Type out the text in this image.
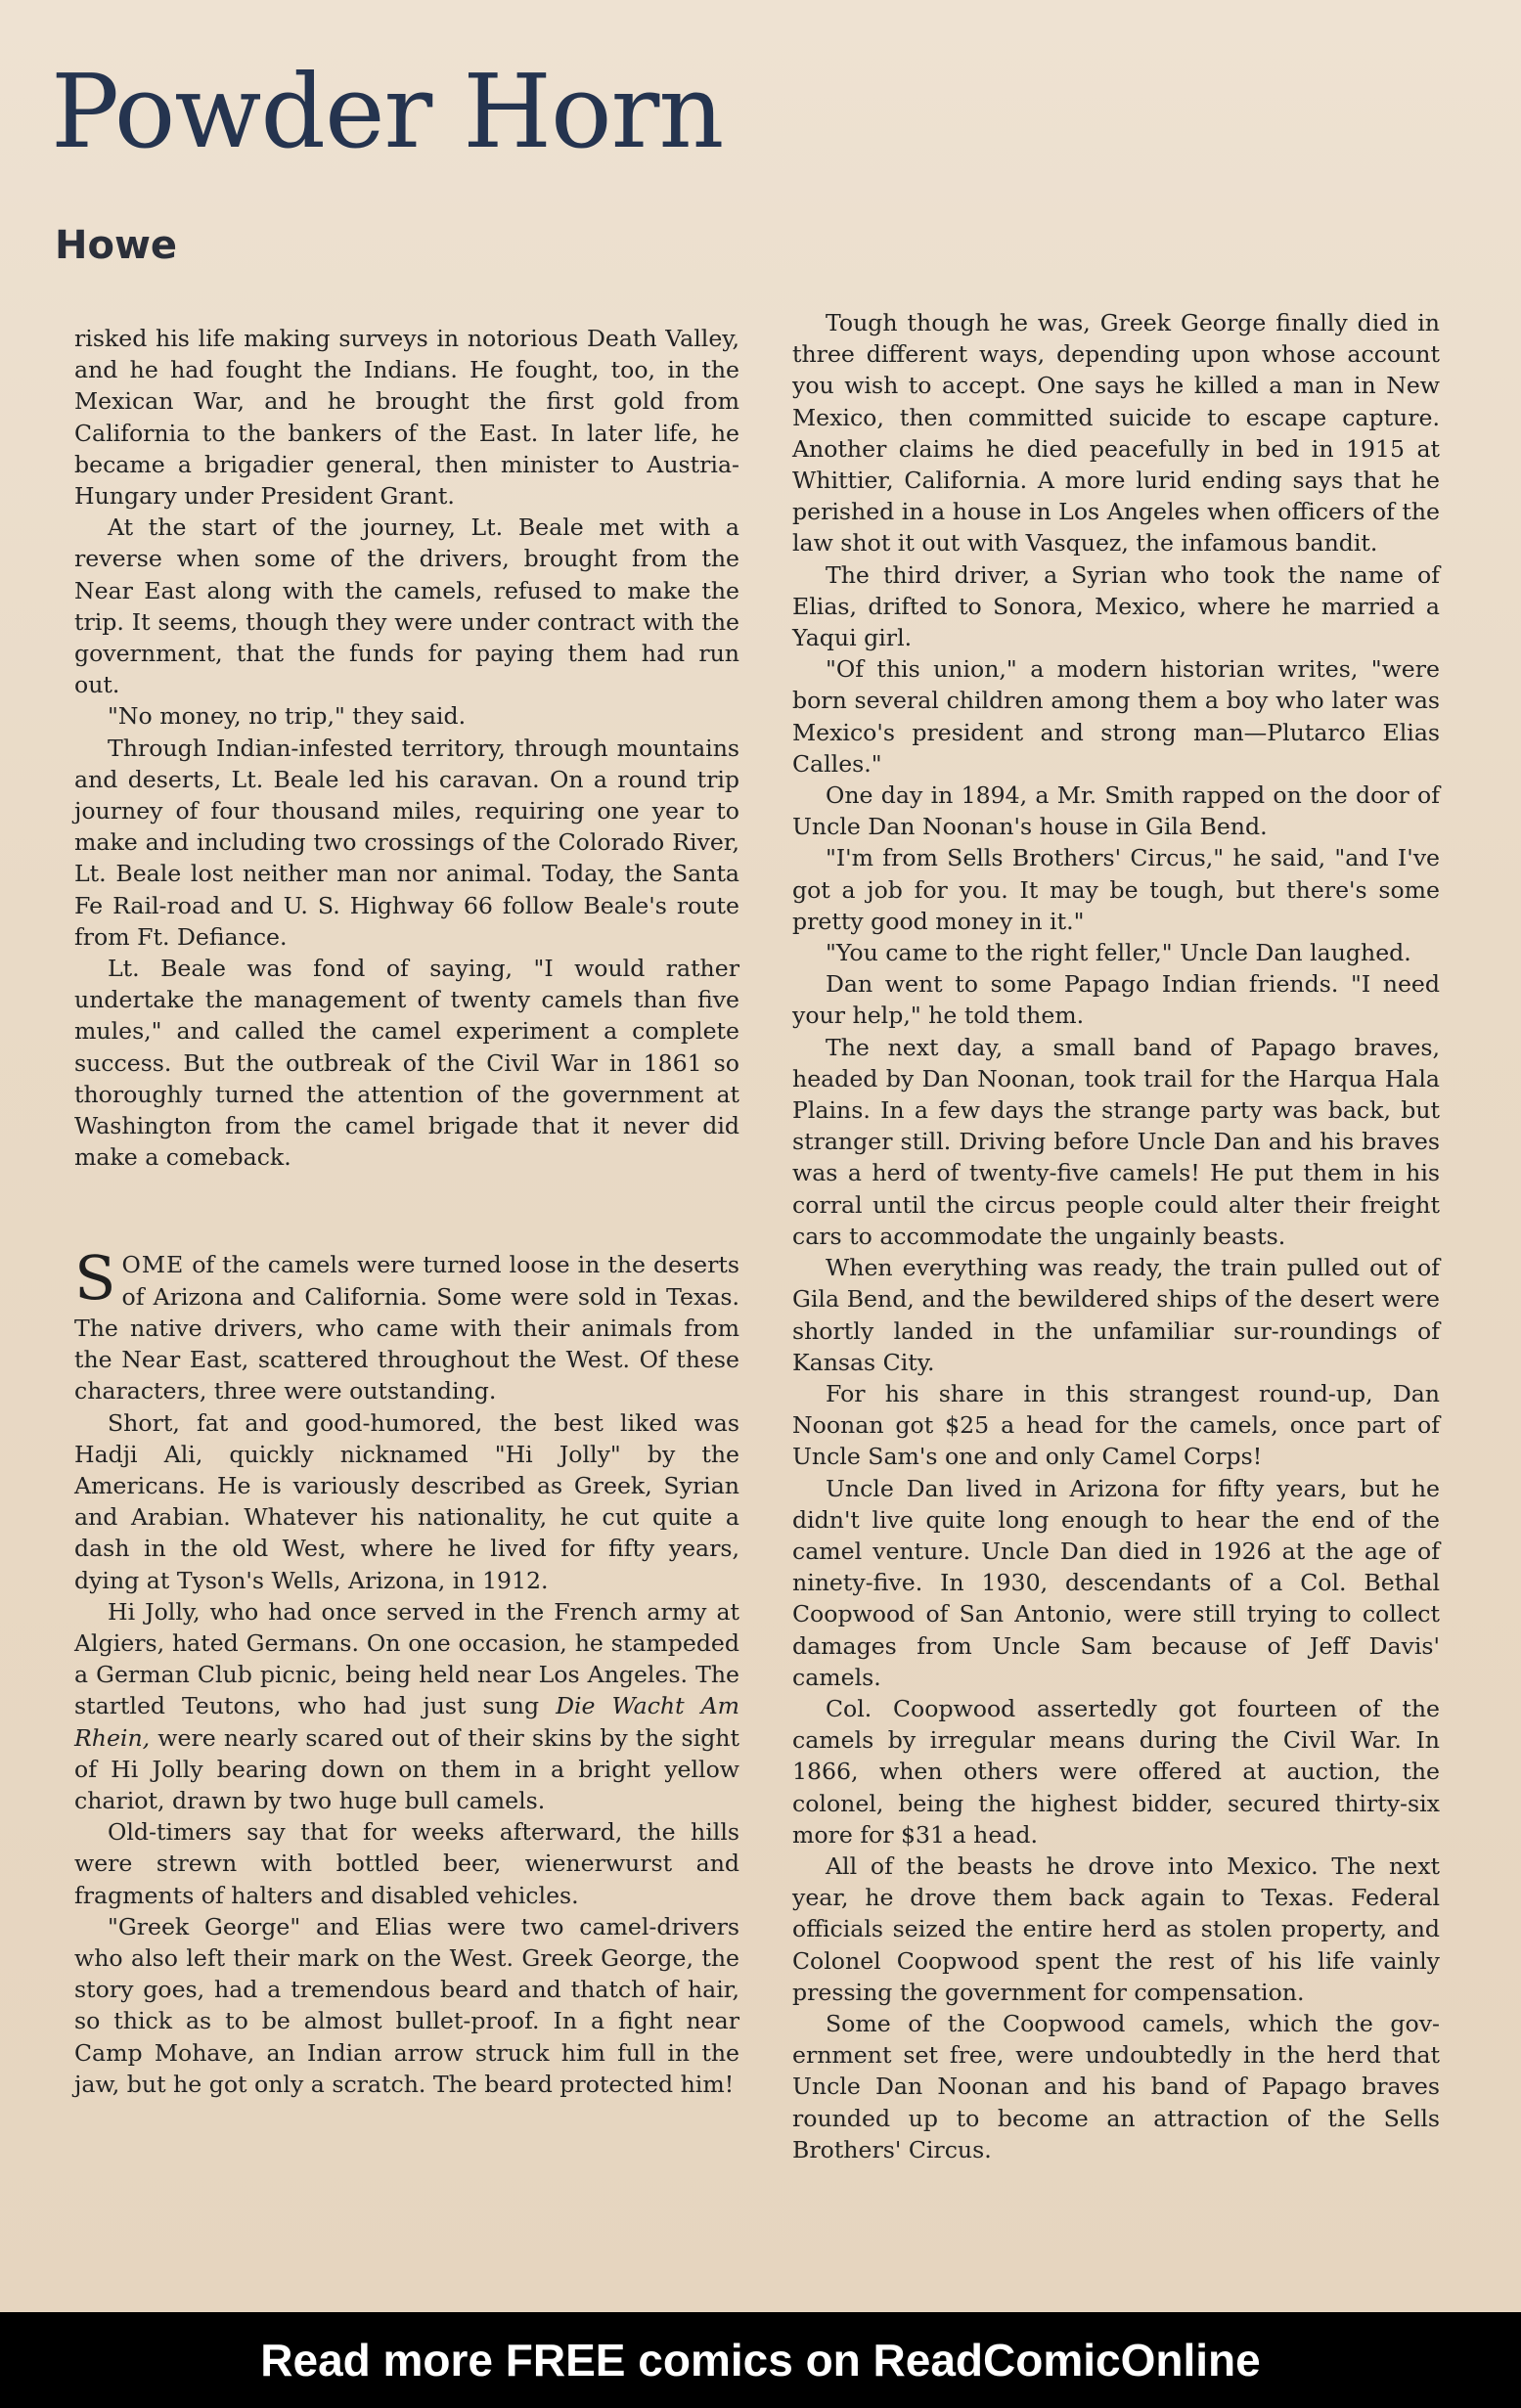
Powder Horn
Howe

risked his life making surveys in notorious Death Valley, and he had fought the Indians. He fought, too, in the Mexican War, and he brought the first gold from California to the bankers of the East. In later life, he became a brigadier general, then minister to Austria-Hungary under President Grant.

At the start of the journey, Lt. Beale met with a reverse when some of the drivers, brought from the Near East along with the camels, refused to make the trip. It seems, though they were under contract with the government, that the funds for paying them had run out.

"No money, no trip," they said.

Through Indian-infested territory, through mountains and deserts, Lt. Beale led his caravan. On a round trip journey of four thousand miles, requiring one year to make and including two crossings of the Colorado River, Lt. Beale lost neither man nor animal. Today, the Santa Fe Rail-road and U. S. Highway 66 follow Beale's route from Ft. Defiance.

Lt. Beale was fond of saying, "I would rather undertake the management of twenty camels than five mules," and called the camel experiment a complete success. But the outbreak of the Civil War in 1861 so thoroughly turned the attention of the government at Washington from the camel brigade that it never did make a comeback.

SOME of the camels were turned loose in the deserts of Arizona and California. Some were sold in Texas. The native drivers, who came with their animals from the Near East, scattered throughout the West. Of these characters, three were outstanding.

Short, fat and good-humored, the best liked was Hadji Ali, quickly nicknamed "Hi Jolly" by the Americans. He is variously described as Greek, Syrian and Arabian. Whatever his nationality, he cut quite a dash in the old West, where he lived for fifty years, dying at Tyson's Wells, Arizona, in 1912.

Hi Jolly, who had once served in the French army at Algiers, hated Germans. On one occasion, he stampeded a German Club picnic, being held near Los Angeles. The startled Teutons, who had just sung Die Wacht Am Rhein, were nearly scared out of their skins by the sight of Hi Jolly bearing down on them in a bright yellow chariot, drawn by two huge bull camels.

Old-timers say that for weeks afterward, the hills were strewn with bottled beer, wienerwurst and fragments of halters and disabled vehicles.

"Greek George" and Elias were two camel-drivers who also left their mark on the West. Greek George, the story goes, had a tremendous beard and thatch of hair, so thick as to be almost bullet-proof. In a fight near Camp Mohave, an Indian arrow struck him full in the jaw, but he got only a scratch. The beard protected him!

Tough though he was, Greek George finally died in three different ways, depending upon whose account you wish to accept. One says he killed a man in New Mexico, then committed suicide to escape capture. Another claims he died peacefully in bed in 1915 at Whittier, California. A more lurid ending says that he perished in a house in Los Angeles when officers of the law shot it out with Vasquez, the infamous bandit.

The third driver, a Syrian who took the name of Elias, drifted to Sonora, Mexico, where he married a Yaqui girl.

"Of this union," a modern historian writes, "were born several children among them a boy who later was Mexico's president and strong man—Plutarco Elias Calles."

One day in 1894, a Mr. Smith rapped on the door of Uncle Dan Noonan's house in Gila Bend.

"I'm from Sells Brothers' Circus," he said, "and I've got a job for you. It may be tough, but there's some pretty good money in it."

"You came to the right feller," Uncle Dan laughed.

Dan went to some Papago Indian friends. "I need your help," he told them.

The next day, a small band of Papago braves, headed by Dan Noonan, took trail for the Harqua Hala Plains. In a few days the strange party was back, but stranger still. Driving before Uncle Dan and his braves was a herd of twenty-five camels! He put them in his corral until the circus people could alter their freight cars to accommodate the ungainly beasts.

When everything was ready, the train pulled out of Gila Bend, and the bewildered ships of the desert were shortly landed in the unfamiliar sur-roundings of Kansas City.

For his share in this strangest round-up, Dan Noonan got $25 a head for the camels, once part of Uncle Sam's one and only Camel Corps!

Uncle Dan lived in Arizona for fifty years, but he didn't live quite long enough to hear the end of the camel venture. Uncle Dan died in 1926 at the age of ninety-five. In 1930, descendants of a Col. Bethal Coopwood of San Antonio, were still trying to collect damages from Uncle Sam because of Jeff Davis' camels.

Col. Coopwood assertedly got fourteen of the camels by irregular means during the Civil War. In 1866, when others were offered at auction, the colonel, being the highest bidder, secured thirty-six more for $31 a head.

All of the beasts he drove into Mexico. The next year, he drove them back again to Texas. Federal officials seized the entire herd as stolen property, and Colonel Coopwood spent the rest of his life vainly pressing the government for compensation.

Some of the Coopwood camels, which the gov-ernment set free, were undoubtedly in the herd that Uncle Dan Noonan and his band of Papago braves rounded up to become an attraction of the Sells Brothers' Circus.

Read more FREE comics on ReadComicOnline
